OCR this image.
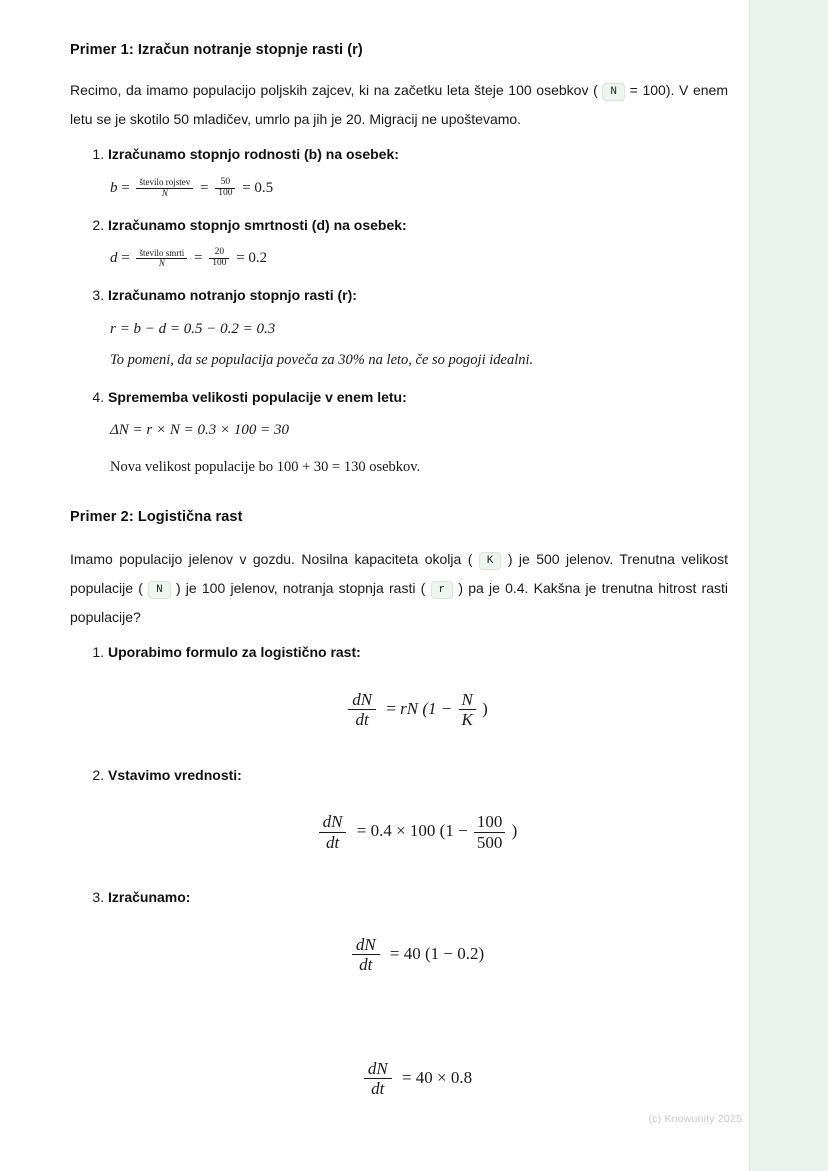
Primer 1: Izračun notranje stopnje rasti (r)

Recimo, da imamo populacijo poljskih zajcev, ki na začetku leta šteje 100 osebkov ( N = 100). V enem letu se je skotilo 50 mladičev, umrlo pa jih je 20. Migracij ne upoštevamo.

1. Izračunamo stopnjo rodnosti (b) na osebek:
$b = \frac{\text{število rojstev}}{N} = \frac{50}{100} = 0.5$
2. Izračunamo stopnjo smrtnosti (d) na osebek:
$d = \frac{\text{število smrti}}{N} = \frac{20}{100} = 0.2$
3. Izračunamo notranjo stopnjo rasti (r):
r = b − d = 0.5 − 0.2 = 0.3
To pomeni, da se populacija poveča za 30% na leto, če so pogoji idealni.
4. Sprememba velikosti populacije v enem letu:
ΔN = r × N = 0.3 × 100 = 30
Nova velikost populacije bo 100 + 30 = 130 osebkov.
Primer 2: Logistična rast

Imamo populacijo jelenov v gozdu. Nosilna kapaciteta okolja ( K ) je 500 jelenov. Trenutna velikost populacije ( N ) je 100 jelenov, notranja stopnja rasti ( r ) pa je 0.4. Kakšna je trenutna hitrost rasti populacije?

1. Uporabimo formulo za logistično rast:
$\frac{dN}{dt}$ = rN ($1 - \frac{N}{K}$ )
2. Vstavimo vrednosti:
$\frac{dN}{dt} = 0.4 \times 100$ ($1 - \frac{100}{500}$ )
3. Izračunamo:
$\frac{dN}{dt} = 40$ (1 − 0.2)
$\frac{dN}{dt} = 40 \times 0.8$
(c) Knowunity 2025
